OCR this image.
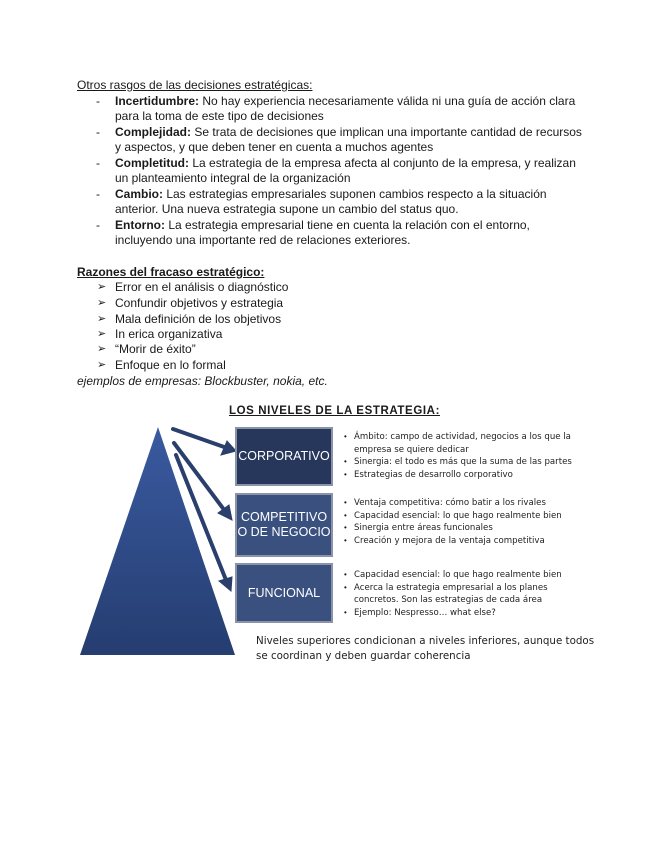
Otros rasgos de las decisiones estratégicas:
- Incertidumbre: No hay experiencia necesariamente válida ni una guía de acción clara
para la toma de este tipo de decisiones
- Complejidad: Se trata de decisiones que implican una importante cantidad de recursos
y aspectos, y que deben tener en cuenta a muchos agentes
- Completitud: La estrategia de la empresa afecta al conjunto de la empresa, y realizan
un planteamiento integral de la organización
- Cambio: Las estrategias empresariales suponen cambios respecto a la situación
anterior. Una nueva estrategia supone un cambio del status quo.
- Entorno: La estrategia empresarial tiene en cuenta la relación con el entorno,
incluyendo una importante red de relaciones exteriores.
Razones del fracaso estratégico:
➢ Error en el análisis o diagnóstico
➢ Confundir objetivos y estrategia
➢ Mala definición de los objetivos
➢ In erica organizativa
➢ “Morir de éxito”
➢ Enfoque en lo formal
ejemplos de empresas: Blockbuster, nokia, etc.
LOS NIVELES DE LA ESTRATEGIA:
CORPORATIVO
COMPETITIVO
O DE NEGOCIO
FUNCIONAL
• Ámbito: campo de actividad, negocios a los que la
empresa se quiere dedicar
• Sinergia: el todo es más que la suma de las partes
• Estrategias de desarrollo corporativo
• Ventaja competitiva: cómo batir a los rivales
• Capacidad esencial: lo que hago realmente bien
• Sinergia entre áreas funcionales
• Creación y mejora de la ventaja competitiva
• Capacidad esencial: lo que hago realmente bien
• Acerca la estrategia empresarial a los planes
concretos. Son las estrategias de cada área
• Ejemplo: Nespresso… what else?
Niveles superiores condicionan a niveles inferiores, aunque todos
se coordinan y deben guardar coherencia
